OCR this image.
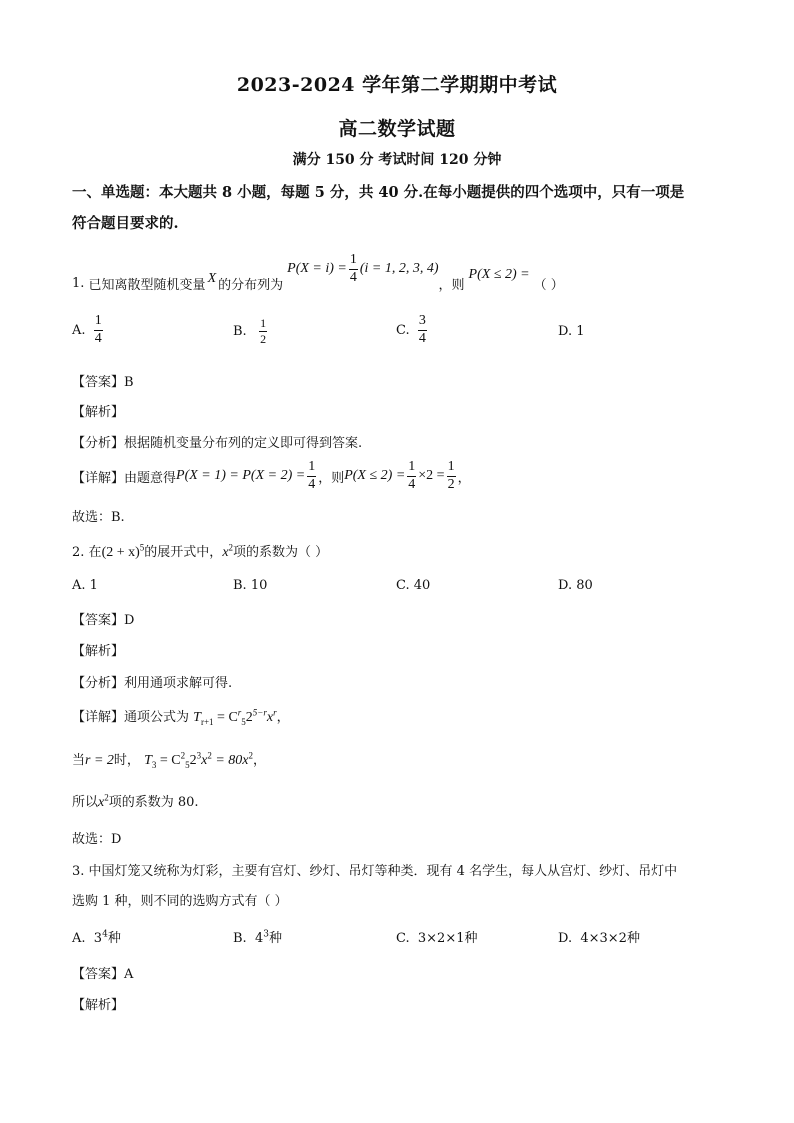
2023-2024 学年第二学期期中考试
高二数学试题
满分 150 分 考试时间 120 分钟
一、单选题：本大题共 8 小题，每题 5 分，共 40 分.在每小题提供的四个选项中，只有一项是
符合题目要求的.
1.
已知离散型随机变量 X 的分布列为
$P(X = i) = \frac{1}{4} (i = 1$, 2, 3, 4)
，则
P(X ≤ 2) =
（ ）
A.
$\frac{1}{4}$	B.
$\frac{1}{2}$	C.
$\frac{3}{4}$	D. 1
【答案】B
【解析】
【分析】根据随机变量分布列的定义即可得到答案.
【详解】 由题意得 $P(X = 1) = P(X = 2) = \frac{1}{4}$ ，则 $P(X \le 2) = \frac{1}{4} \times 2 = \frac{1}{2}$ ，
故选：B.
2. 在$(2 + x)^5$的展开式中，$x^2$项的系数为（ ）
A. 1	B. 10	C. 40	D. 80
【答案】D
【解析】
【分析】利用通项求解可得.
【详解】通项公式为 $T_{r+1} = C^r_52^{5-r}x^r$，
当r = 2时， $T_3 = C^2_52^3x^2 = 80x^2$，
所以$x^2$项的系数为 80.
故选：D
3. 中国灯笼又统称为灯彩，主要有宫灯、纱灯、吊灯等种类．现有 4 名学生，每人从宫灯、纱灯、吊灯中
选购 1 种，则不同的选购方式有（ ）
A. $3^4$种	B. $4^3$种	C. 3×2×1种	D. 4×3×2种
【答案】A
【解析】
